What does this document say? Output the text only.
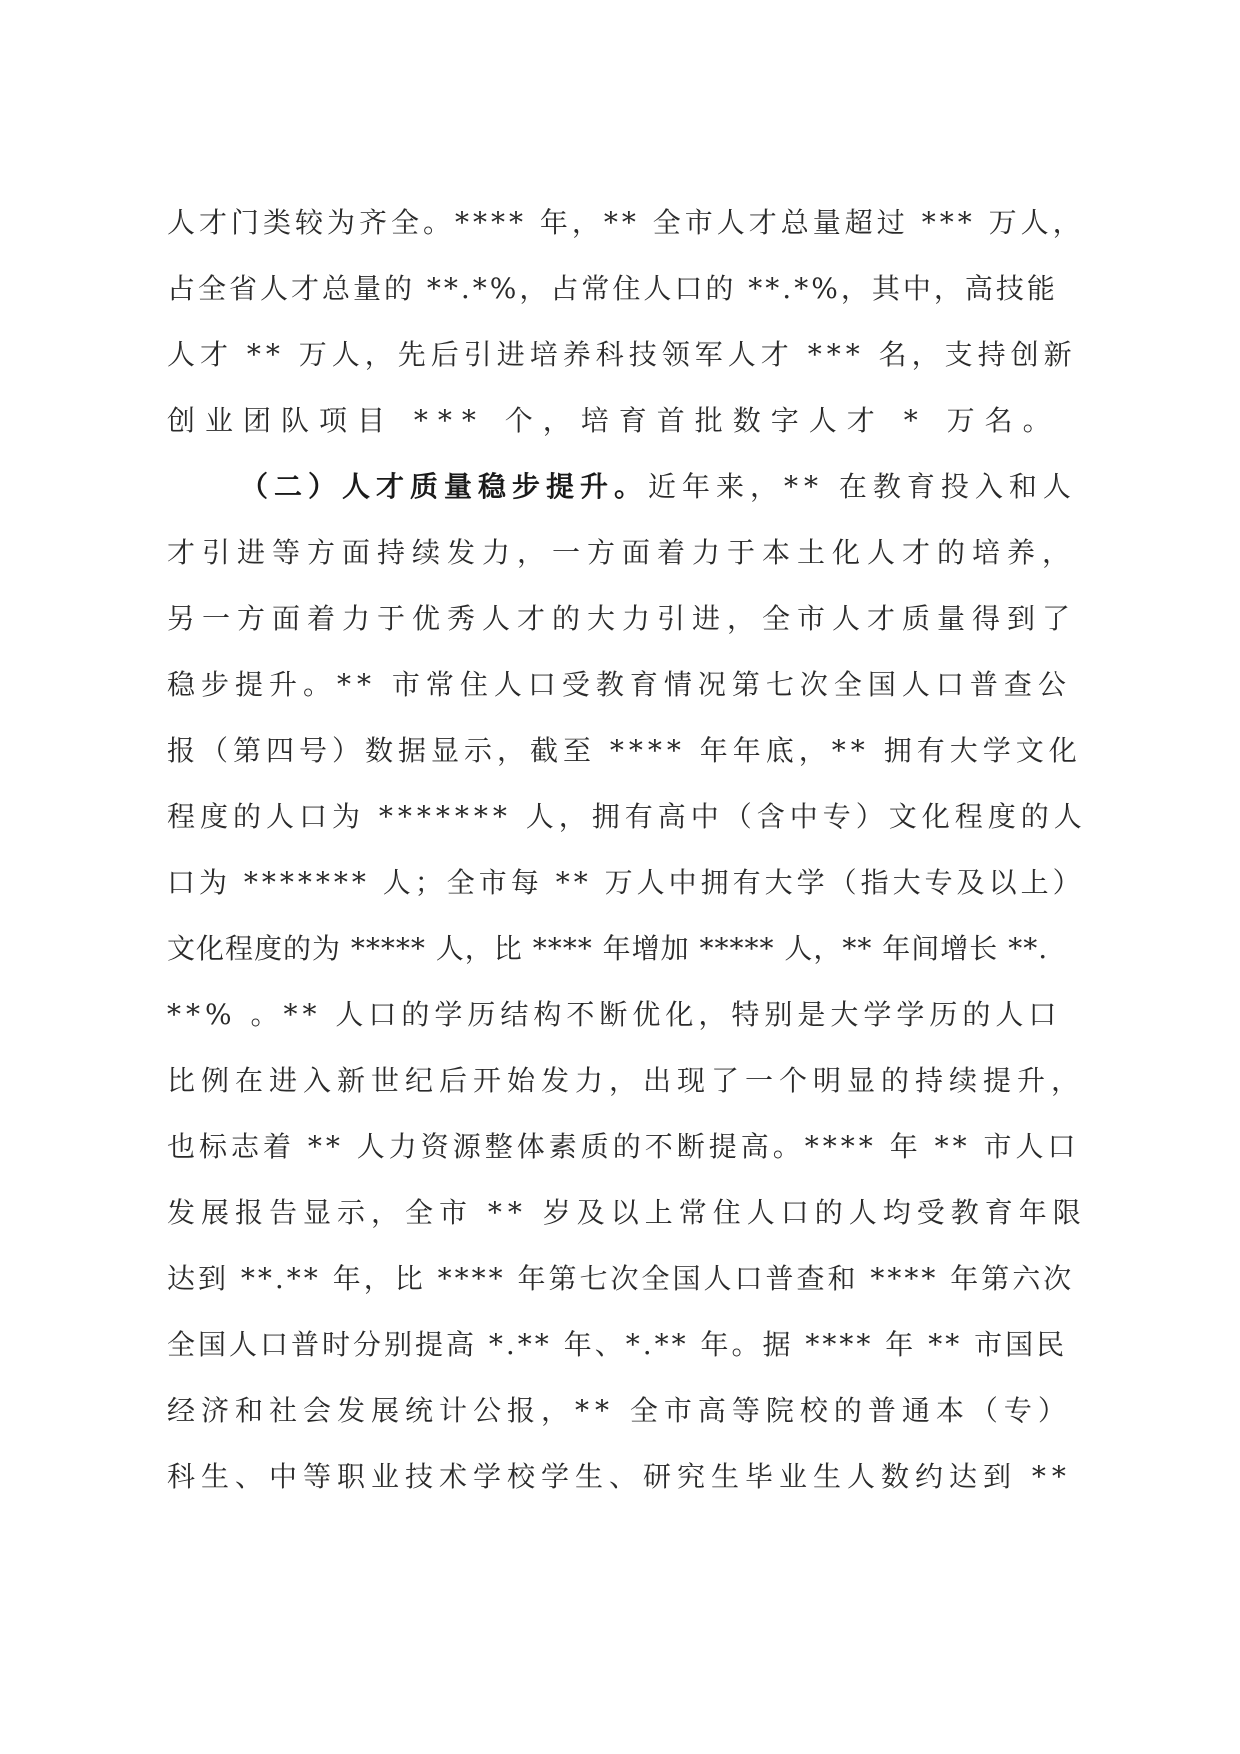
人才门类较为齐全。**** 年，** 全市人才总量超过 *** 万人，
占全省人才总量的 **.*%，占常住人口的 **.*%，其中，高技能
人才 ** 万人，先后引进培养科技领军人才 *** 名，支持创新
创业团队项目 *** 个，培育首批数字人才 * 万名。
（二）人才质量稳步提升。近年来，** 在教育投入和人
才引进等方面持续发力，一方面着力于本土化人才的培养，
另一方面着力于优秀人才的大力引进，全市人才质量得到了
稳步提升。** 市常住人口受教育情况第七次全国人口普查公
报（第四号）数据显示，截至 **** 年年底，** 拥有大学文化
程度的人口为 ******* 人，拥有高中（含中专）文化程度的人
口为 ******* 人；全市每 ** 万人中拥有大学（指大专及以上）
文化程度的为 ***** 人，比 **** 年增加 ***** 人，** 年间增长 **.
**% 。** 人口的学历结构不断优化，特别是大学学历的人口
比例在进入新世纪后开始发力，出现了一个明显的持续提升，
也标志着 ** 人力资源整体素质的不断提高。**** 年 ** 市人口
发展报告显示，全市 ** 岁及以上常住人口的人均受教育年限
达到 **.** 年，比 **** 年第七次全国人口普查和 **** 年第六次
全国人口普时分别提高 *.** 年、*.** 年。据 **** 年 ** 市国民
经济和社会发展统计公报，** 全市高等院校的普通本（专）
科生、中等职业技术学校学生、研究生毕业生人数约达到 **
